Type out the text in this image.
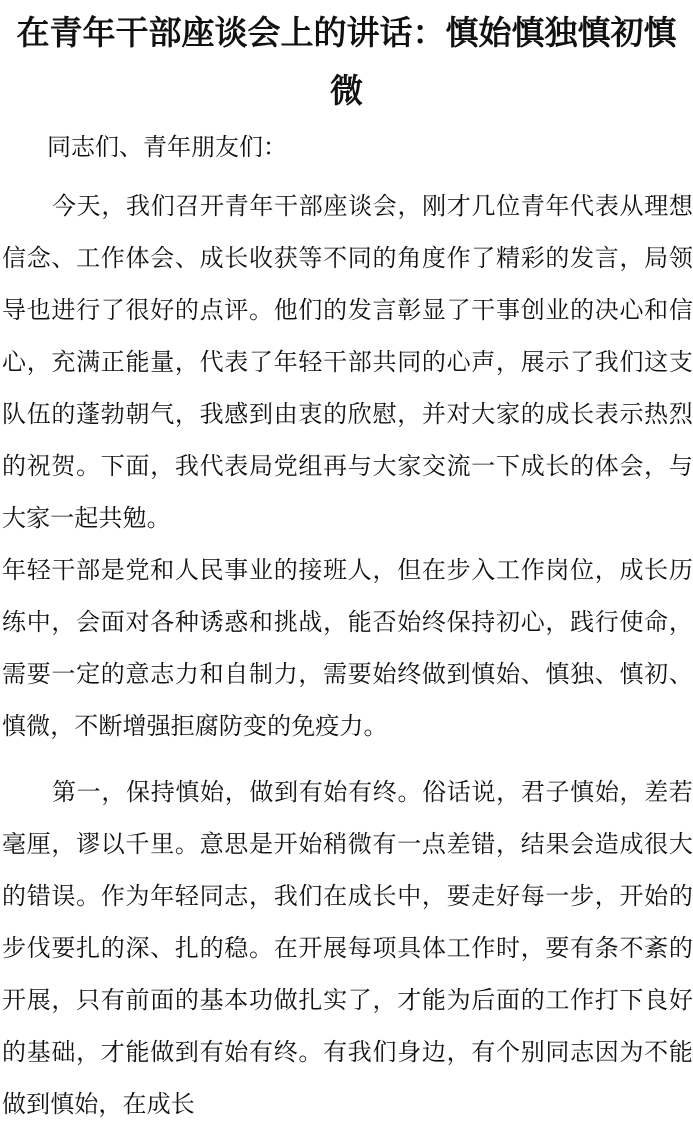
在青年干部座谈会上的讲话：慎始慎独慎初慎微

同志们、青年朋友们：

今天，我们召开青年干部座谈会，刚才几位青年代表从理想信念、工作体会、成长收获等不同的角度作了精彩的发言，局领导也进行了很好的点评。他们的发言彰显了干事创业的决心和信心，充满正能量，代表了年轻干部共同的心声，展示了我们这支队伍的蓬勃朝气，我感到由衷的欣慰，并对大家的成长表示热烈的祝贺。下面，我代表局党组再与大家交流一下成长的体会，与大家一起共勉。

年轻干部是党和人民事业的接班人，但在步入工作岗位，成长历练中，会面对各种诱惑和挑战，能否始终保持初心，践行使命，需要一定的意志力和自制力，需要始终做到慎始、慎独、慎初、慎微，不断增强拒腐防变的免疫力。

第一，保持慎始，做到有始有终。俗话说，君子慎始，差若毫厘，谬以千里。意思是开始稍微有一点差错，结果会造成很大的错误。作为年轻同志，我们在成长中，要走好每一步，开始的步伐要扎的深、扎的稳。在开展每项具体工作时，要有条不紊的开展，只有前面的基本功做扎实了，才能为后面的工作打下良好的基础，才能做到有始有终。有我们身边，有个别同志因为不能做到慎始，在成长
